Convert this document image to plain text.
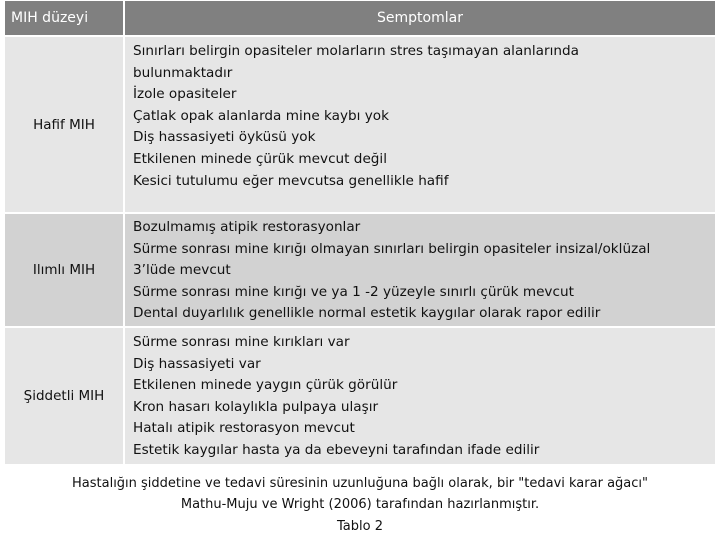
MIH düzeyi	Semptomlar
Hafif MIH
Sınırları belirgin opasiteler molarların stres taşımayan alanlarında
bulunmaktadır
İzole opasiteler
Çatlak opak alanlarda mine kaybı yok
Diş hassasiyeti öyküsü yok
Etkilenen minede çürük mevcut değil
Kesici tutulumu eğer mevcutsa genellikle hafif
Ilımlı MIH
Bozulmamış atipik restorasyonlar
Sürme sonrası mine kırığı olmayan sınırları belirgin opasiteler insizal/oklüzal
3’lüde mevcut
Sürme sonrası mine kırığı ve ya 1 -2 yüzeyle sınırlı çürük mevcut
Dental duyarlılık genellikle normal estetik kaygılar olarak rapor edilir
Şiddetli MIH
Sürme sonrası mine kırıkları var
Diş hassasiyeti var
Etkilenen minede yaygın çürük görülür
Kron hasarı kolaylıkla pulpaya ulaşır
Hatalı atipik restorasyon mevcut
Estetik kaygılar hasta ya da ebeveyni tarafından ifade edilir
Hastalığın şiddetine ve tedavi süresinin uzunluğuna bağlı olarak, bir "tedavi karar ağacı"
Mathu-Muju ve Wright (2006) tarafından hazırlanmıştır.
Tablo 2
